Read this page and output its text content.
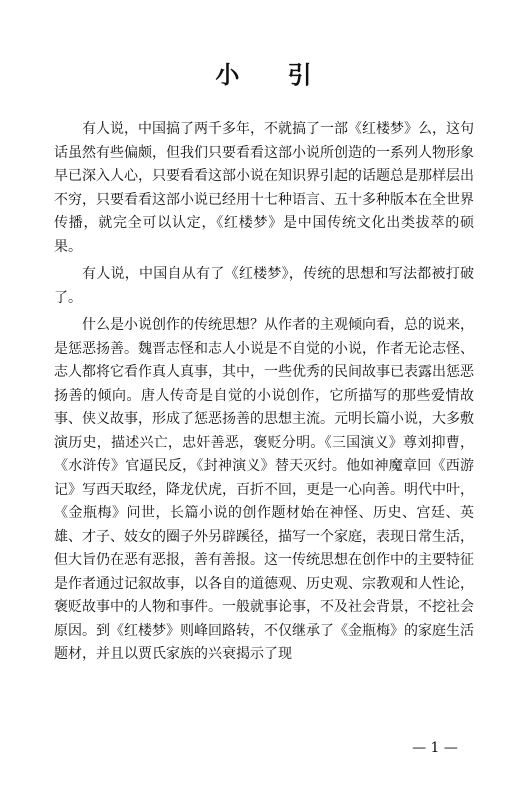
小 引

有人说，中国搞了两千多年，不就搞了一部《红楼梦》么，这句话虽然有些偏颇，但我们只要看看这部小说所创造的一系列人物形象早已深入人心，只要看看这部小说在知识界引起的话题总是那样层出不穷，只要看看这部小说已经用十七种语言、五十多种版本在全世界传播，就完全可以认定，《红楼梦》是中国传统文化出类拔萃的硕果。

有人说，中国自从有了《红楼梦》，传统的思想和写法都被打破了。

什么是小说创作的传统思想？从作者的主观倾向看，总的说来，是惩恶扬善。魏晋志怪和志人小说是不自觉的小说，作者无论志怪、志人都将它看作真人真事，其中，一些优秀的民间故事已表露出惩恶扬善的倾向。唐人传奇是自觉的小说创作，它所描写的那些爱情故事、侠义故事，形成了惩恶扬善的思想主流。元明长篇小说，大多敷演历史，描述兴亡，忠奸善恶，褒贬分明。《三国演义》尊刘抑曹，《水浒传》官逼民反，《封神演义》替天灭纣。他如神魔章回《西游记》写西天取经，降龙伏虎，百折不回，更是一心向善。明代中叶，《金瓶梅》问世，长篇小说的创作题材始在神怪、历史、宫廷、英雄、才子、妓女的圈子外另辟蹊径，描写一个家庭，表现日常生活，但大旨仍在恶有恶报，善有善报。这一传统思想在创作中的主要特征是作者通过记叙故事，以各自的道德观、历史观、宗教观和人性论，褒贬故事中的人物和事件。一般就事论事，不及社会背景，不挖社会原因。到《红楼梦》则峰回路转，不仅继承了《金瓶梅》的家庭生活题材，并且以贾氏家族的兴衰揭示了现

— 1 —
